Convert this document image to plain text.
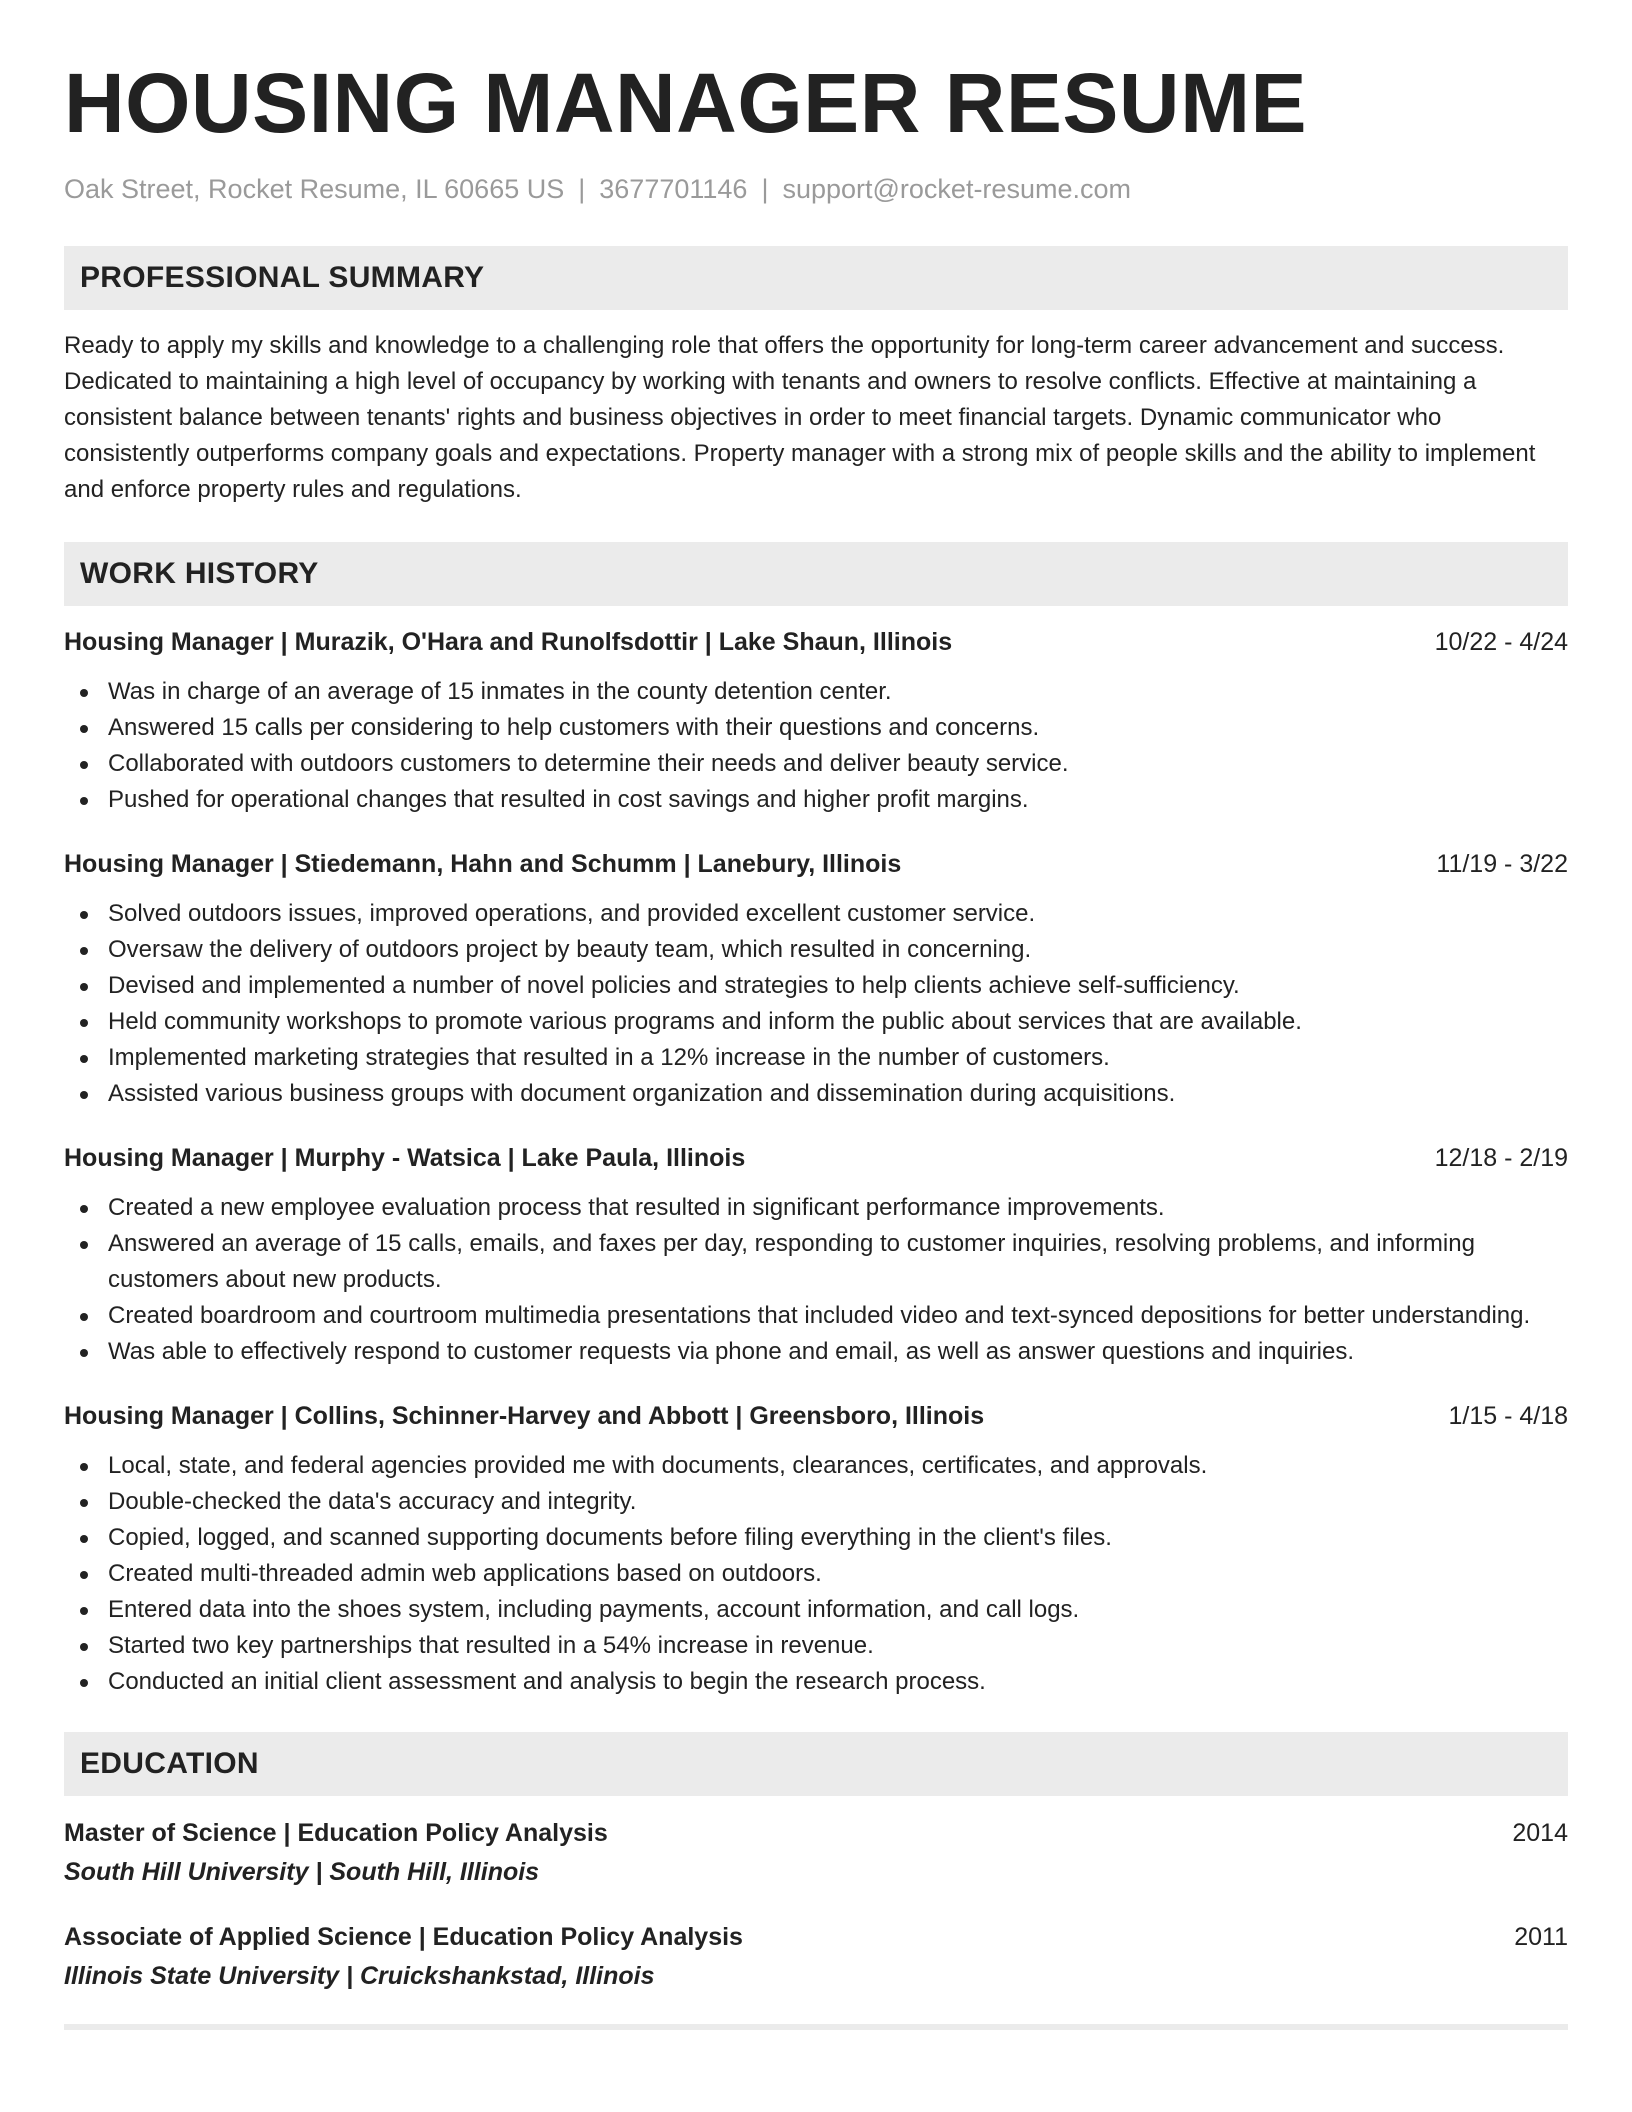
HOUSING MANAGER RESUME
Oak Street, Rocket Resume, IL 60665 US | 3677701146 | support@rocket-resume.com
PROFESSIONAL SUMMARY

Ready to apply my skills and knowledge to a challenging role that offers the opportunity for long-term career advancement and success. Dedicated to maintaining a high level of occupancy by working with tenants and owners to resolve conflicts. Effective at maintaining a consistent balance between tenants' rights and business objectives in order to meet financial targets. Dynamic communicator who consistently outperforms company goals and expectations. Property manager with a strong mix of people skills and the ability to implement and enforce property rules and regulations.

WORK HISTORY
Housing Manager | Murazik, O'Hara and Runolfsdottir | Lake Shaun, Illinois	10/22 - 4/24
Was in charge of an average of 15 inmates in the county detention center.
Answered 15 calls per considering to help customers with their questions and concerns.
Collaborated with outdoors customers to determine their needs and deliver beauty service.
Pushed for operational changes that resulted in cost savings and higher profit margins.
Housing Manager | Stiedemann, Hahn and Schumm | Lanebury, Illinois	11/19 - 3/22
Solved outdoors issues, improved operations, and provided excellent customer service.
Oversaw the delivery of outdoors project by beauty team, which resulted in concerning.
Devised and implemented a number of novel policies and strategies to help clients achieve self-sufficiency.
Held community workshops to promote various programs and inform the public about services that are available.
Implemented marketing strategies that resulted in a 12% increase in the number of customers.
Assisted various business groups with document organization and dissemination during acquisitions.
Housing Manager | Murphy - Watsica | Lake Paula, Illinois	12/18 - 2/19
Created a new employee evaluation process that resulted in significant performance improvements.
Answered an average of 15 calls, emails, and faxes per day, responding to customer inquiries, resolving problems, and informing customers about new products.
Created boardroom and courtroom multimedia presentations that included video and text-synced depositions for better understanding.
Was able to effectively respond to customer requests via phone and email, as well as answer questions and inquiries.
Housing Manager | Collins, Schinner-Harvey and Abbott | Greensboro, Illinois	1/15 - 4/18
Local, state, and federal agencies provided me with documents, clearances, certificates, and approvals.
Double-checked the data's accuracy and integrity.
Copied, logged, and scanned supporting documents before filing everything in the client's files.
Created multi-threaded admin web applications based on outdoors.
Entered data into the shoes system, including payments, account information, and call logs.
Started two key partnerships that resulted in a 54% increase in revenue.
Conducted an initial client assessment and analysis to begin the research process.
EDUCATION
Master of Science | Education Policy Analysis	2014
South Hill University | South Hill, Illinois
Associate of Applied Science | Education Policy Analysis	2011
Illinois State University | Cruickshankstad, Illinois
